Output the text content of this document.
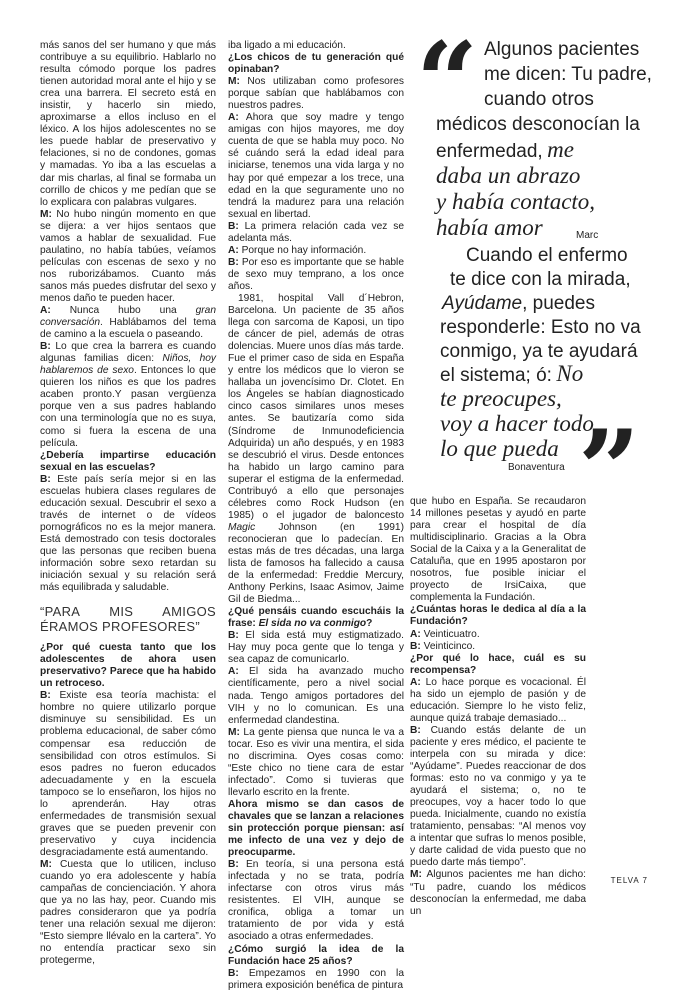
más sanos del ser humano y que más contribuye a su equilibrio. Hablarlo no resulta cómodo porque los padres tienen autoridad moral ante el hijo y se crea una barrera. El secreto está en insistir, y hacerlo sin miedo, aproximarse a ellos incluso en el léxico. A los hijos adolescentes no se les puede hablar de preservativo y felaciones, si no de condones, gomas y mamadas. Yo iba a las escuelas a dar mis charlas, al final se formaba un corrillo de chicos y me pedían que se lo explicara con palabras vulgares.

M: No hubo ningún momento en que se dijera: a ver hijos sentaos que vamos a hablar de sexualidad. Fue paulatino, no había tabúes, veíamos películas con escenas de sexo y no nos ruborizábamos. Cuanto más sanos más puedes disfrutar del sexo y menos daño te pueden hacer.

A: Nunca hubo una gran conversación. Hablábamos del tema de camino a la escuela o paseando.

B: Lo que crea la barrera es cuando algunas familias dicen: Niños, hoy hablaremos de sexo. Entonces lo que quieren los niños es que los padres acaben pronto.Y pasan vergüenza porque ven a sus padres hablando con una terminología que no es suya, como si fuera la escena de una película.

¿Debería impartirse educación sexual en las escuelas?

B: Este país sería mejor si en las escuelas hubiera clases regulares de educación sexual. Descubrir el sexo a través de internet o de vídeos pornográficos no es la mejor manera. Está demostrado con tesis doctorales que las personas que reciben buena información sobre sexo retardan su iniciación sexual y su relación será más equilibrada y saludable.

“PARA MIS AMIGOS ÉRAMOS PROFESORES”

¿Por qué cuesta tanto que los adolescentes de ahora usen preservativo? Parece que ha habido un retroceso.

B: Existe esa teoría machista: el hombre no quiere utilizarlo porque disminuye su sensibilidad. Es un problema educacional, de saber cómo compensar esa reducción de sensibilidad con otros estímulos. Si esos padres no fueron educados adecuadamente y en la escuela tampoco se lo enseñaron, los hijos no lo aprenderán. Hay otras enfermedades de transmisión sexual graves que se pueden prevenir con preservativo y cuya incidencia desgraciadamente está aumentando.

M: Cuesta que lo utilicen, incluso cuando yo era adolescente y había campañas de concienciación. Y ahora que ya no las hay, peor. Cuando mis padres consideraron que ya podría tener una relación sexual me dijeron: “Esto siempre llévalo en la cartera”. Yo no entendía practicar sexo sin protegerme,

iba ligado a mi educación.

¿Los chicos de tu generación qué opinaban?

M: Nos utilizaban como profesores porque sabían que hablábamos con nuestros padres.

A: Ahora que soy madre y tengo amigas con hijos mayores, me doy cuenta de que se habla muy poco. No sé cuándo será la edad ideal para iniciarse, tenemos una vida larga y no hay por qué empezar a los trece, una edad en la que seguramente uno no tendrá la madurez para una relación sexual en libertad.

B: La primera relación cada vez se adelanta más.

A: Porque no hay información.

B: Por eso es importante que se hable de sexo muy temprano, a los once años.

1981, hospital Vall d´Hebron, Barcelona. Un paciente de 35 años llega con sarcoma de Kaposi, un tipo de cáncer de piel, además de otras dolencias. Muere unos días más tarde. Fue el primer caso de sida en España y entre los médicos que lo vieron se hallaba un jovencísimo Dr. Clotet. En los Ángeles se habían diagnosticado cinco casos similares unos meses antes. Se bautizaría como sida (Síndrome de Inmunodeficiencia Adquirida) un año después, y en 1983 se descubrió el virus. Desde entonces ha habido un largo camino para superar el estigma de la enfermedad. Contribuyó a ello que personajes célebres como Rock Hudson (en 1985) o el jugador de baloncesto Magic Johnson (en 1991) reconocieran que lo padecían. En estas más de tres décadas, una larga lista de famosos ha fallecido a causa de la enfermedad: Freddie Mercury, Anthony Perkins, Isaac Asimov, Jaime Gil de Biedma...

¿Qué pensáis cuando escucháis la frase: El sida no va conmigo?

B: El sida está muy estigmatizado. Hay muy poca gente que lo tenga y sea capaz de comunicarlo.

A: El sida ha avanzado mucho científicamente, pero a nivel social nada. Tengo amigos portadores del VIH y no lo comunican. Es una enfermedad clandestina.

M: La gente piensa que nunca le va a tocar. Eso es vivir una mentira, el sida no discrimina. Oyes cosas como: “Este chico no tiene cara de estar infectado”. Como si tuvieras que llevarlo escrito en la frente.

Ahora mismo se dan casos de chavales que se lanzan a relaciones sin protección porque piensan: así me infecto de una vez y dejo de preocuparme.

B: En teoría, si una persona está infectada y no se trata, podría infectarse con otros virus más resistentes. El VIH, aunque se cronifica, obliga a tomar un tratamiento de por vida y está asociado a otras enfermedades.

¿Cómo surgió la idea de la Fundación hace 25 años?

B: Empezamos en 1990 con la primera exposición benéfica de pintura

que hubo en España. Se recaudaron 14 millones pesetas y ayudó en parte para crear el hospital de día multidisciplinario. Gracias a la Obra Social de la Caixa y a la Generalitat de Cataluña, que en 1995 apostaron por nosotros, fue posible iniciar el proyecto de IrsiCaixa, que complementa la Fundación.

¿Cuántas horas le dedica al día a la Fundación?

A: Veinticuatro.

B: Veinticinco.

¿Por qué lo hace, cuál es su recompensa?

A: Lo hace porque es vocacional. Él ha sido un ejemplo de pasión y de educación. Siempre lo he visto feliz, aunque quizá trabaje demasiado...

B: Cuando estás delante de un paciente y eres médico, el paciente te interpela con su mirada y dice: “Ayúdame”. Puedes reaccionar de dos formas: esto no va conmigo y ya te ayudará el sistema; o, no te preocupes, voy a hacer todo lo que pueda. Inicialmente, cuando no existía tratamiento, pensabas: “Al menos voy a intentar que sufras lo menos posible, y darte calidad de vida puesto que no puedo darte más tiempo”.

M: Algunos pacientes me han dicho: “Tu padre, cuando los médicos desconocían la enfermedad, me daba un

“ Algunos pacientes
me dicen: Tu padre,
cuando otros
médicos desconocían la
enfermedad, me
daba un abrazo
y había contacto,
había amor	Marc
Cuando el enfermo
te dice con la mirada,
Ayúdame, puedes
responderle: Esto no va
conmigo, ya te ayudará
el sistema; ó: No
te preocupes,
voy a hacer todo
lo que pueda ”
Bonaventura
TELVA 7
